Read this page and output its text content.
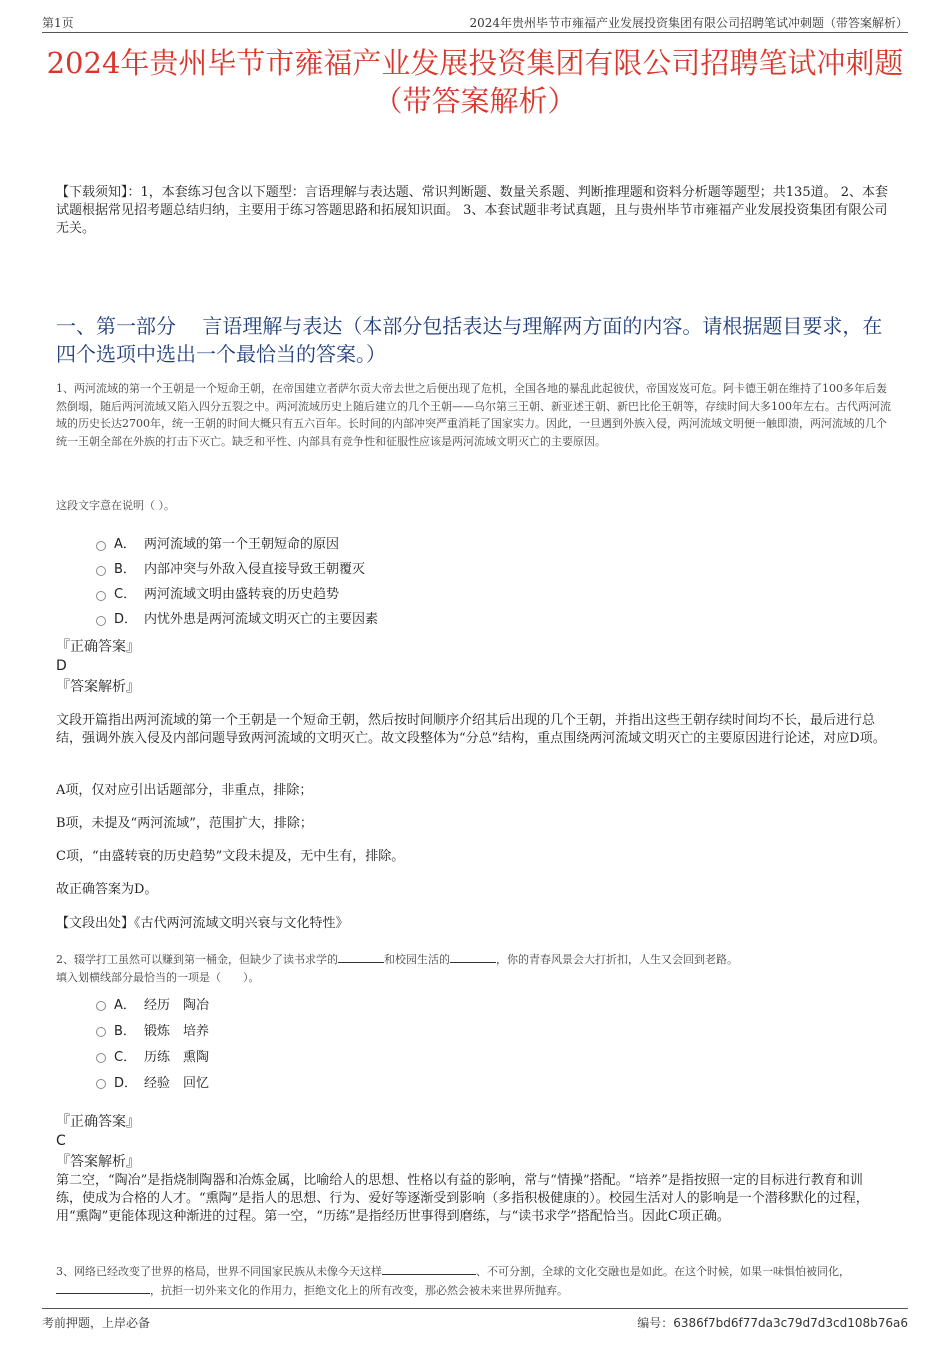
第1页	2024年贵州毕节市雍福产业发展投资集团有限公司招聘笔试冲刺题（带答案解析）
2024年贵州毕节市雍福产业发展投资集团有限公司招聘笔试冲刺题（带答案解析）
【下载须知】：1，本套练习包含以下题型：言语理解与表达题、常识判断题、数量关系题、判断推理题和资料分析题等题型；共135道。 2、本套试题根据常见招考题总结归纳，主要用于练习答题思路和拓展知识面。 3、本套试题非考试真题，且与贵州毕节市雍福产业发展投资集团有限公司无关。
一、第一部分　 言语理解与表达（本部分包括表达与理解两方面的内容。请根据题目要求，在四个选项中选出一个最恰当的答案。）
1、两河流域的第一个王朝是一个短命王朝，在帝国建立者萨尔贡大帝去世之后便出现了危机，全国各地的暴乱此起彼伏，帝国岌岌可危。阿卡德王朝在维持了100多年后轰然倒塌，随后两河流域又陷入四分五裂之中。两河流域历史上随后建立的几个王朝——乌尔第三王朝、新亚述王朝、新巴比伦王朝等，存续时间大多100年左右。古代两河流域的历史长达2700年，统一王朝的时间大概只有五六百年。长时间的内部冲突严重消耗了国家实力。因此，一旦遇到外族入侵，两河流域文明便一触即溃，两河流域的几个统一王朝全部在外族的打击下灭亡。缺乏和平性、内部具有竞争性和征服性应该是两河流域文明灭亡的主要原因。
这段文字意在说明（ ）。
A． 两河流域的第一个王朝短命的原因
B． 内部冲突与外敌入侵直接导致王朝覆灭
C． 两河流域文明由盛转衰的历史趋势
D． 内忧外患是两河流域文明灭亡的主要因素
『正确答案』
D
『答案解析』
文段开篇指出两河流域的第一个王朝是一个短命王朝，然后按时间顺序介绍其后出现的几个王朝，并指出这些王朝存续时间均不长，最后进行总结，强调外族入侵及内部问题导致两河流域的文明灭亡。故文段整体为“分总”结构，重点围绕两河流域文明灭亡的主要原因进行论述，对应D项。
A项，仅对应引出话题部分，非重点，排除；
B项，未提及“两河流域”，范围扩大，排除；
C项，“由盛转衰的历史趋势”文段未提及，无中生有，排除。
故正确答案为D。
【文段出处】《古代两河流域文明兴衰与文化特性》
2、辍学打工虽然可以赚到第一桶金，但缺少了读书求学的	和校园生活的	，你的青春风景会大打折扣，人生又会回到老路。
填入划横线部分最恰当的一项是（　　）。
A． 经历　陶冶
B． 锻炼　培养
C． 历练　熏陶
D． 经验　回忆
『正确答案』
C
『答案解析』
第二空，“陶冶”是指烧制陶器和冶炼金属，比喻给人的思想、性格以有益的影响，常与“情操”搭配。“培养”是指按照一定的目标进行教育和训练，使成为合格的人才。“熏陶”是指人的思想、行为、爱好等逐渐受到影响（多指积极健康的）。校园生活对人的影响是一个潜移默化的过程，用“熏陶”更能体现这种渐进的过程。第一空，“历练”是指经历世事得到磨练，与“读书求学”搭配恰当。因此C项正确。
3、网络已经改变了世界的格局，世界不同国家民族从未像今天这样	、不可分割，全球的文化交融也是如此。在这个时候，如果一味惧怕被同化，，抗拒一切外来文化的作用力，拒绝文化上的所有改变，那必然会被未来世界所抛弃。
考前押题，上岸必备	编号：6386f7bd6f77da3c79d7d3cd108b76a6
